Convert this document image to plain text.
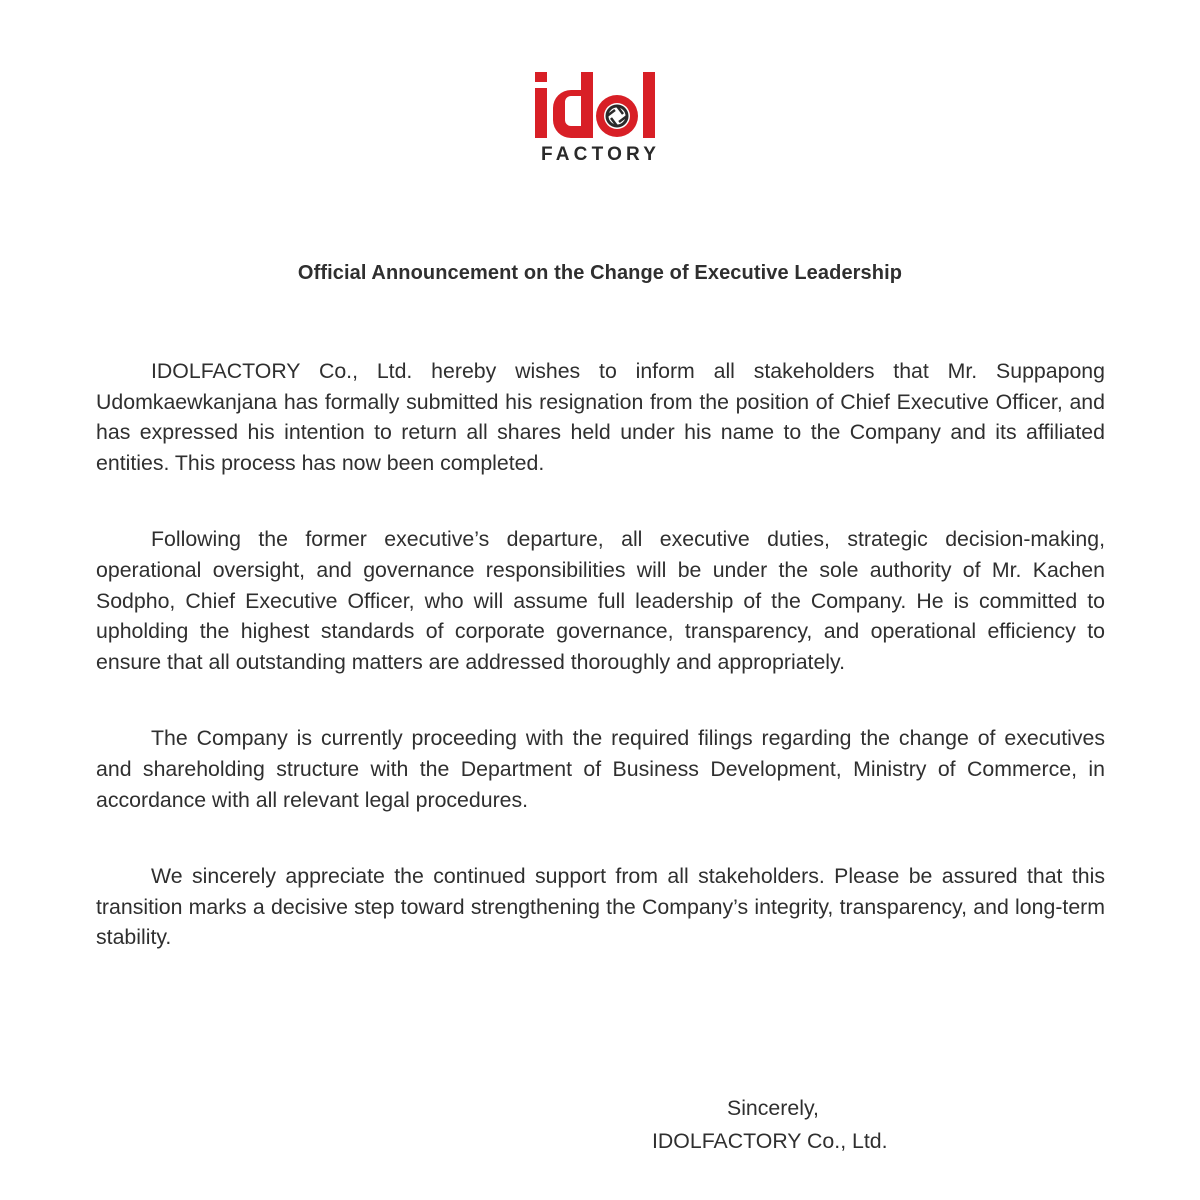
FACTORY
Official Announcement on the Change of Executive Leadership

IDOLFACTORY Co., Ltd. hereby wishes to inform all stakeholders that Mr. Suppapong Udomkaewkanjana has formally submitted his resignation from the position of Chief Executive Officer, and has expressed his intention to return all shares held under his name to the Company and its affiliated entities. This process has now been completed.

Following the former executive’s departure, all executive duties, strategic decision-making, operational oversight, and governance responsibilities will be under the sole authority of Mr. Kachen Sodpho, Chief Executive Officer, who will assume full leadership of the Company. He is committed to upholding the highest standards of corporate governance, transparency, and operational efficiency to ensure that all outstanding matters are addressed thoroughly and appropriately.

The Company is currently proceeding with the required filings regarding the change of executives and shareholding structure with the Department of Business Development, Ministry of Commerce, in accordance with all relevant legal procedures.

We sincerely appreciate the continued support from all stakeholders. Please be assured that this transition marks a decisive step toward strengthening the Company’s integrity, transparency, and long-term stability.

Sincerely,
IDOLFACTORY Co., Ltd.
